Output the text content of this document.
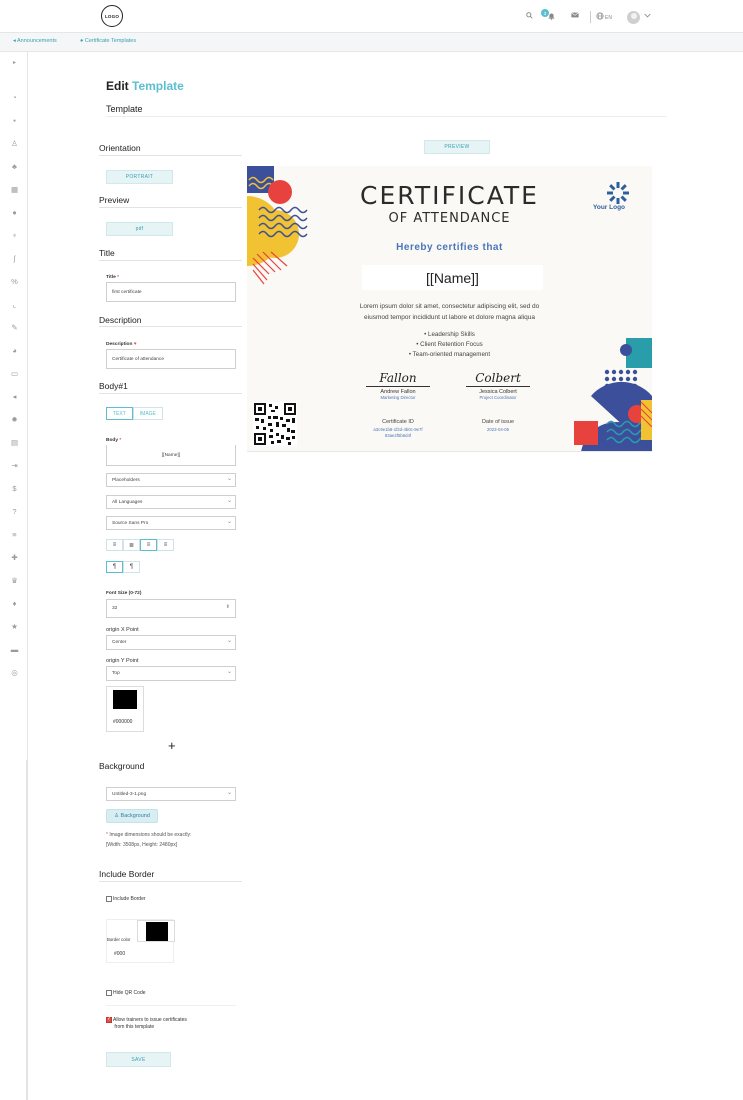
LOGO
3
EN
◂ Announcements	● Certificate Templates
▸
◔
▪
♙
♣
▦
●
♆
ʃ
%
⌞
✎
◕
▭
◂
✹
▤
⇥
$
?
≡
✚
♛
♦
★
▬
◎
Edit Template
Template
Orientation
PORTRAIT
Preview
pdf
PREVIEW
Title
Title *
first certificate
Description
Description ♥
Certificate of attendance
Body#1
TEXT	IMAGE
Body *
[[Name]]
Placeholders ⌄
All Languages ⌄
Source Sans Pro ⌄
≡	≣	≡	≡
¶	¶
Font Size (0-72)
32	⬍
origin X Point
Center ⌄
origin Y Point
Top ⌄
#000000
+
Background
Untitled-3-1.png ⌄
♙ Background
* Image dimensions should be exactly:
[Width: 3508px, Height: 2480px]
Include Border
Include Border
Border color
#000
Hide QR Code
✓
Allow trainers to issue certificates
from this template
SAVE
Your Logo
CERTIFICATE
OF ATTENDANCE
Hereby certifies that
[[Name]]
Lorem ipsum dolor sit amet, consectetur adipiscing elit, sed do
eiusmod tempor incididunt ut labore et dolore magna aliqua
• Leadership Skills
• Client Retention Focus
• Team-oriented management
Fallon
Andrew Fallon
Marketing Director
Colbert
Jessica Colbert
Project Coordinator
Certificate ID
a3c9e1b8-1f2d-4b0c-9e7f
83ae2f5b6d4f
Date of issue
2023-04-05
